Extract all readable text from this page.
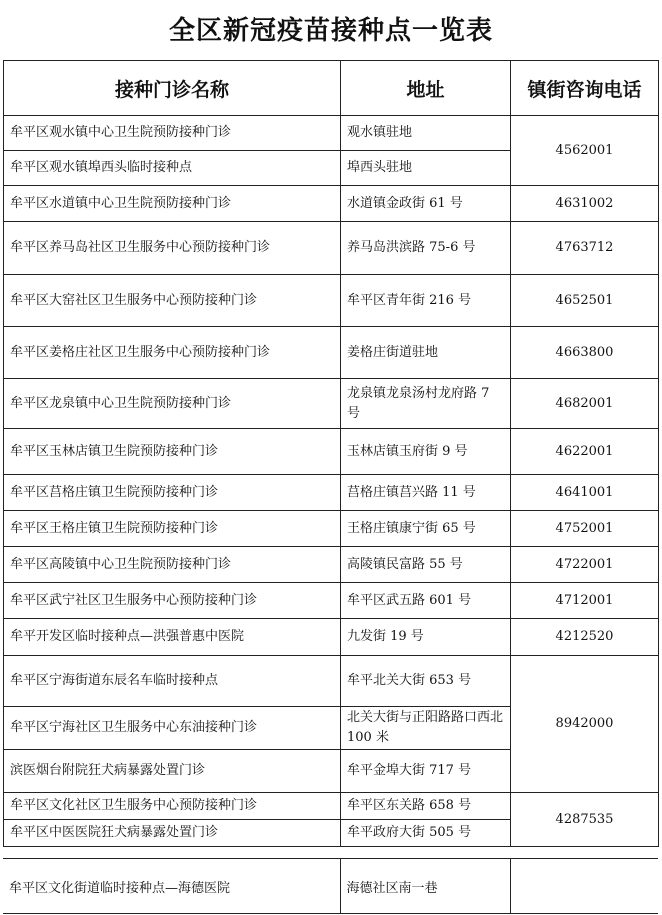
全区新冠疫苗接种点一览表
接种门诊名称	地址	镇街咨询电话
牟平区观水镇中心卫生院预防接种门诊	观水镇驻地	4562001
牟平区观水镇埠西头临时接种点	埠西头驻地	
牟平区水道镇中心卫生院预防接种门诊	水道镇金政街 61 号	4631002
牟平区养马岛社区卫生服务中心预防接种门诊	养马岛洪滨路 75-6 号	4763712
牟平区大窑社区卫生服务中心预防接种门诊	牟平区青年街 216 号	4652501
牟平区姜格庄社区卫生服务中心预防接种门诊	姜格庄街道驻地	4663800
牟平区龙泉镇中心卫生院预防接种门诊	龙泉镇龙泉汤村龙府路 7 号	4682001
牟平区玉林店镇卫生院预防接种门诊	玉林店镇玉府街 9 号	4622001
牟平区莒格庄镇卫生院预防接种门诊	莒格庄镇莒兴路 11 号	4641001
牟平区王格庄镇卫生院预防接种门诊	王格庄镇康宁街 65 号	4752001
牟平区高陵镇中心卫生院预防接种门诊	高陵镇民富路 55 号	4722001
牟平区武宁社区卫生服务中心预防接种门诊	牟平区武五路 601 号	4712001
牟平开发区临时接种点—洪强普惠中医院	九发街 19 号	4212520
牟平区宁海街道东辰名车临时接种点	牟平北关大街 653 号	8942000
牟平区宁海社区卫生服务中心东油接种门诊	北关大街与正阳路路口西北 100 米	
滨医烟台附院狂犬病暴露处置门诊	牟平金埠大街 717 号	
牟平区文化社区卫生服务中心预防接种门诊	牟平区东关路 658 号	4287535
牟平区中医医院狂犬病暴露处置门诊	牟平政府大街 505 号	
牟平区文化街道临时接种点—海德医院	海德社区南一巷	
